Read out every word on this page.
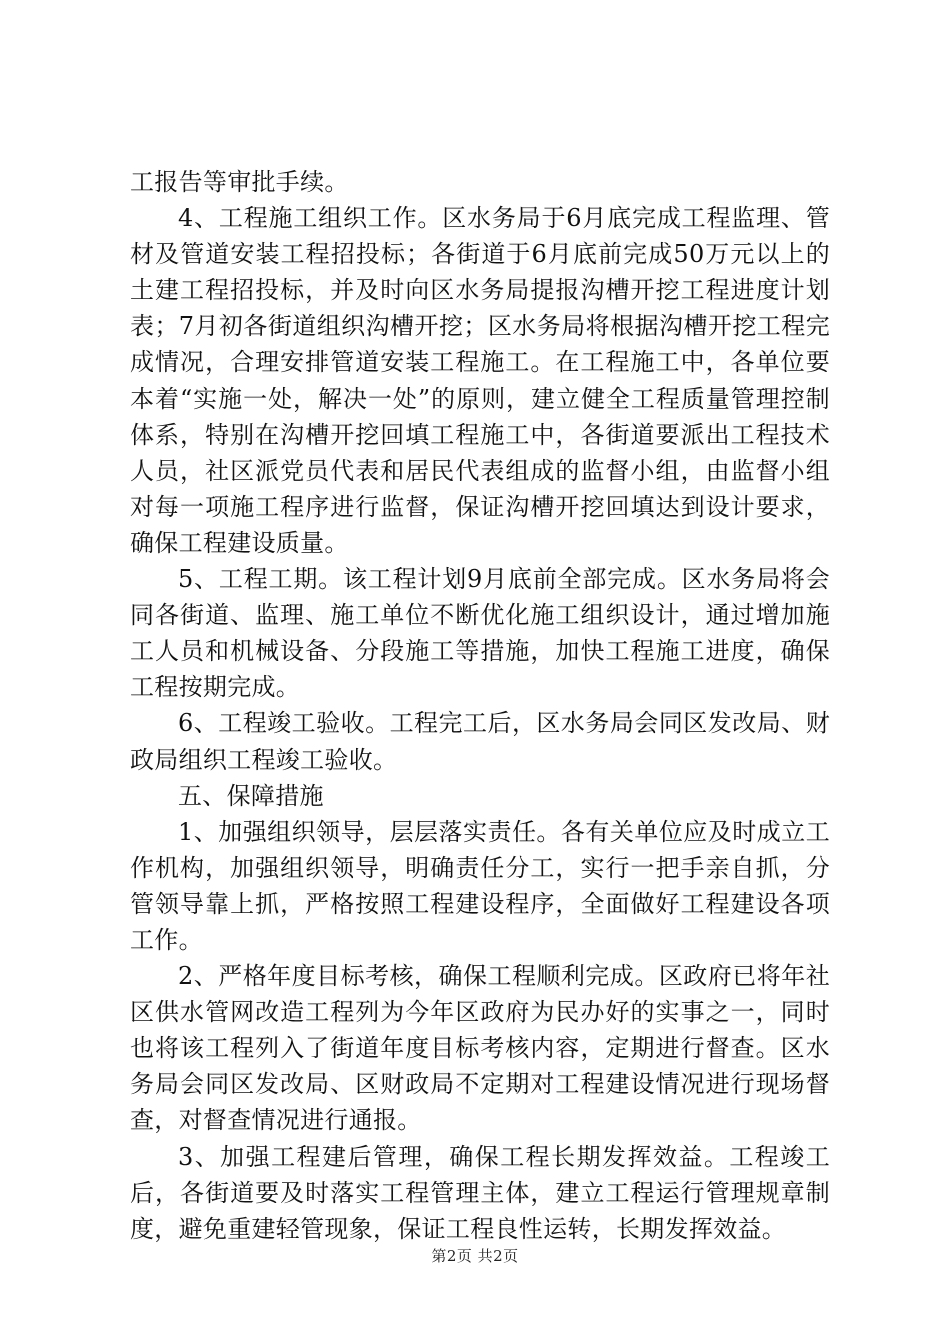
工报告等审批手续。

4、工程施工组织工作。区水务局于6月底完成工程监理、管材及管道安装工程招投标；各街道于6月底前完成50万元以上的土建工程招投标，并及时向区水务局提报沟槽开挖工程进度计划表；7月初各街道组织沟槽开挖；区水务局将根据沟槽开挖工程完成情况，合理安排管道安装工程施工。在工程施工中，各单位要本着“实施一处，解决一处”的原则，建立健全工程质量管理控制体系，特别在沟槽开挖回填工程施工中，各街道要派出工程技术人员，社区派党员代表和居民代表组成的监督小组，由监督小组对每一项施工程序进行监督，保证沟槽开挖回填达到设计要求，确保工程建设质量。

5、工程工期。该工程计划9月底前全部完成。区水务局将会同各街道、监理、施工单位不断优化施工组织设计，通过增加施工人员和机械设备、分段施工等措施，加快工程施工进度，确保工程按期完成。

6、工程竣工验收。工程完工后，区水务局会同区发改局、财政局组织工程竣工验收。

五、保障措施

1、加强组织领导，层层落实责任。各有关单位应及时成立工作机构，加强组织领导，明确责任分工，实行一把手亲自抓，分管领导靠上抓，严格按照工程建设程序，全面做好工程建设各项工作。

2、严格年度目标考核，确保工程顺利完成。区政府已将年社区供水管网改造工程列为今年区政府为民办好的实事之一，同时也将该工程列入了街道年度目标考核内容，定期进行督查。区水务局会同区发改局、区财政局不定期对工程建设情况进行现场督查，对督查情况进行通报。

3、加强工程建后管理，确保工程长期发挥效益。工程竣工后，各街道要及时落实工程管理主体，建立工程运行管理规章制度，避免重建轻管现象，保证工程良性运转，长期发挥效益。

第2页 共2页
